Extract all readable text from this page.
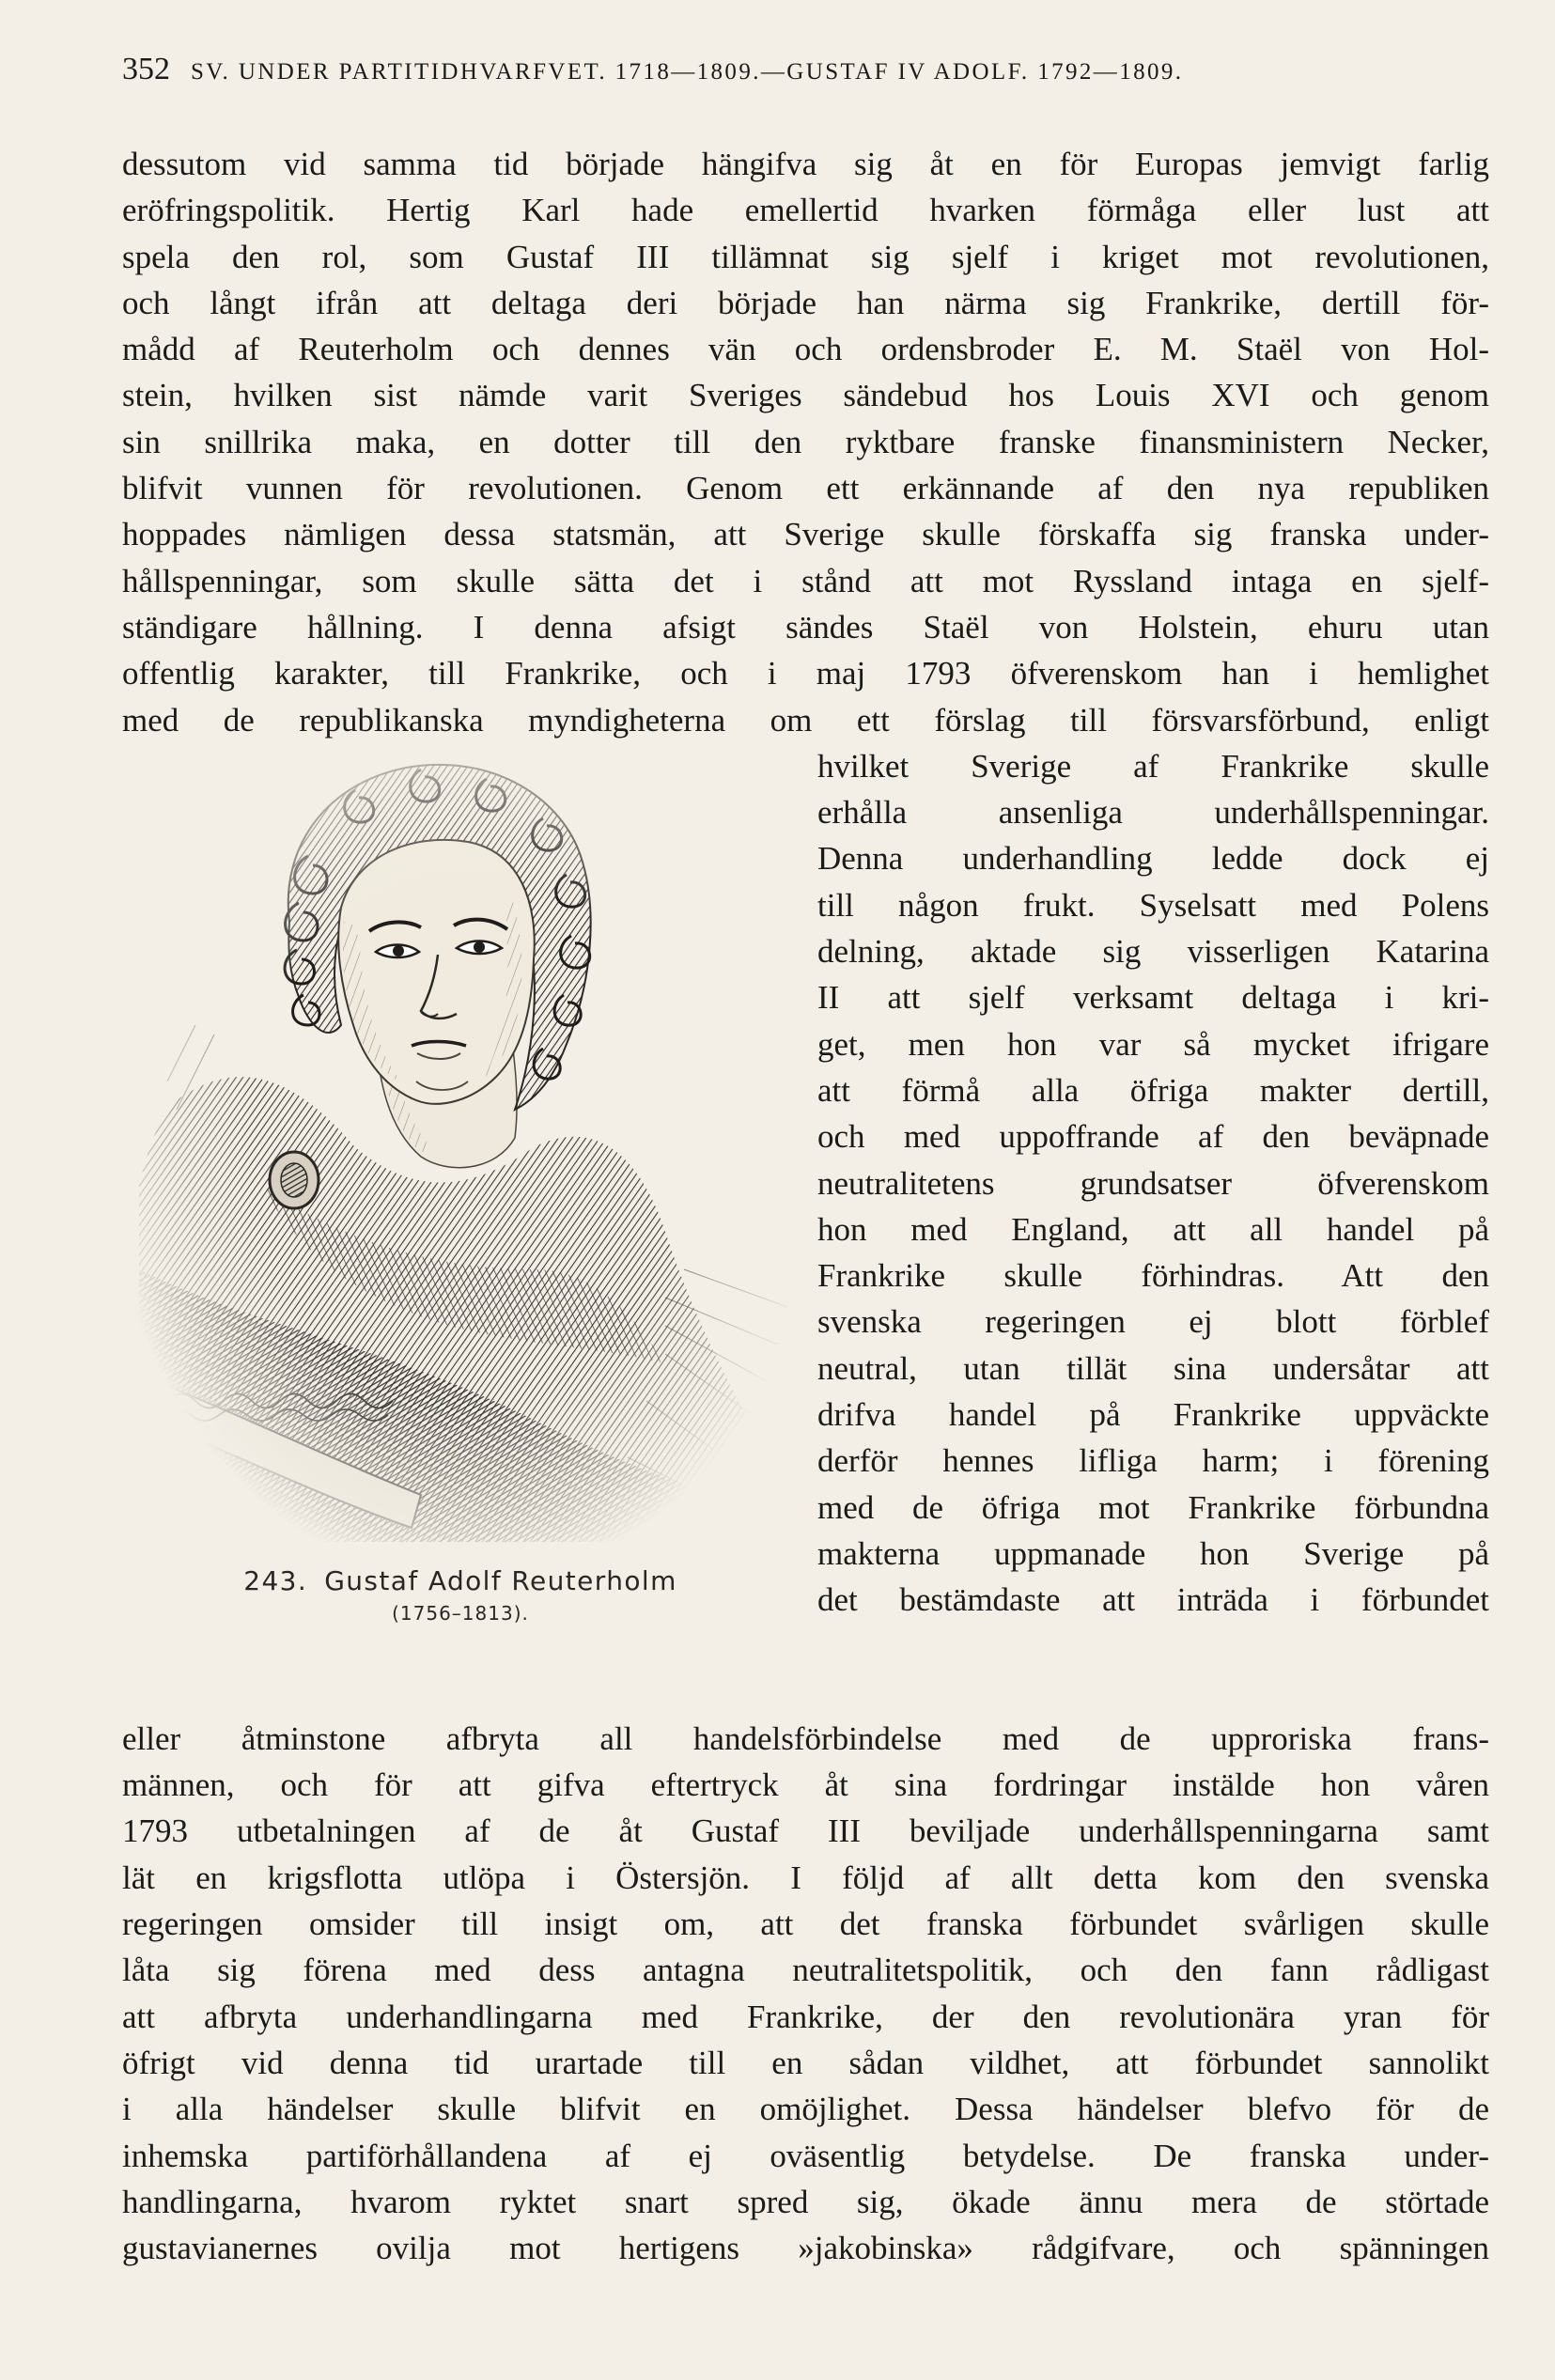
352 SV. UNDER PARTITIDHVARFVET. 1718—1809.—GUSTAF IV ADOLF. 1792—1809.
dessutom vid samma tid började hängifva sig åt en för Europas jemvigt farlig
eröfringspolitik. Hertig Karl hade emellertid hvarken förmåga eller lust att
spela den rol, som Gustaf III tillämnat sig sjelf i kriget mot revolutionen,
och långt ifrån att deltaga deri började han närma sig Frankrike, dertill för-
mådd af Reuterholm och dennes vän och ordensbroder E. M. Staël von Hol-
stein, hvilken sist nämde varit Sveriges sändebud hos Louis XVI och genom
sin snillrika maka, en dotter till den ryktbare franske finansministern Necker,
blifvit vunnen för revolutionen. Genom ett erkännande af den nya republiken
hoppades nämligen dessa statsmän, att Sverige skulle förskaffa sig franska under-
hållspenningar, som skulle sätta det i stånd att mot Ryssland intaga en sjelf-
ständigare hållning. I denna afsigt sändes Staël von Holstein, ehuru utan
offentlig karakter, till Frankrike, och i maj 1793 öfverenskom han i hemlighet
med de republikanska myndigheterna om ett förslag till försvarsförbund, enligt
243. Gustaf Adolf Reuterholm
(1756–1813).
hvilket Sverige af Frankrike skulle
erhålla ansenliga underhållspenningar.
Denna underhandling ledde dock ej
till någon frukt. Syselsatt med Polens
delning, aktade sig visserligen Katarina
II att sjelf verksamt deltaga i kri-
get, men hon var så mycket ifrigare
att förmå alla öfriga makter dertill,
och med uppoffrande af den beväpnade
neutralitetens grundsatser öfverenskom
hon med England, att all handel på
Frankrike skulle förhindras. Att den
svenska regeringen ej blott förblef
neutral, utan tillät sina undersåtar att
drifva handel på Frankrike uppväckte
derför hennes lifliga harm; i förening
med de öfriga mot Frankrike förbundna
makterna uppmanade hon Sverige på
det bestämdaste att inträda i förbundet
eller åtminstone afbryta all handelsförbindelse med de upproriska frans-
männen, och för att gifva eftertryck åt sina fordringar instälde hon våren
1793 utbetalningen af de åt Gustaf III beviljade underhållspenningarna samt
lät en krigsflotta utlöpa i Östersjön. I följd af allt detta kom den svenska
regeringen omsider till insigt om, att det franska förbundet svårligen skulle
låta sig förena med dess antagna neutralitetspolitik, och den fann rådligast
att afbryta underhandlingarna med Frankrike, der den revolutionära yran för
öfrigt vid denna tid urartade till en sådan vildhet, att förbundet sannolikt
i alla händelser skulle blifvit en omöjlighet. Dessa händelser blefvo för de
inhemska partiförhållandena af ej oväsentlig betydelse. De franska under-
handlingarna, hvarom ryktet snart spred sig, ökade ännu mera de störtade
gustavianernes ovilja mot hertigens »jakobinska» rådgifvare, och spänningen
